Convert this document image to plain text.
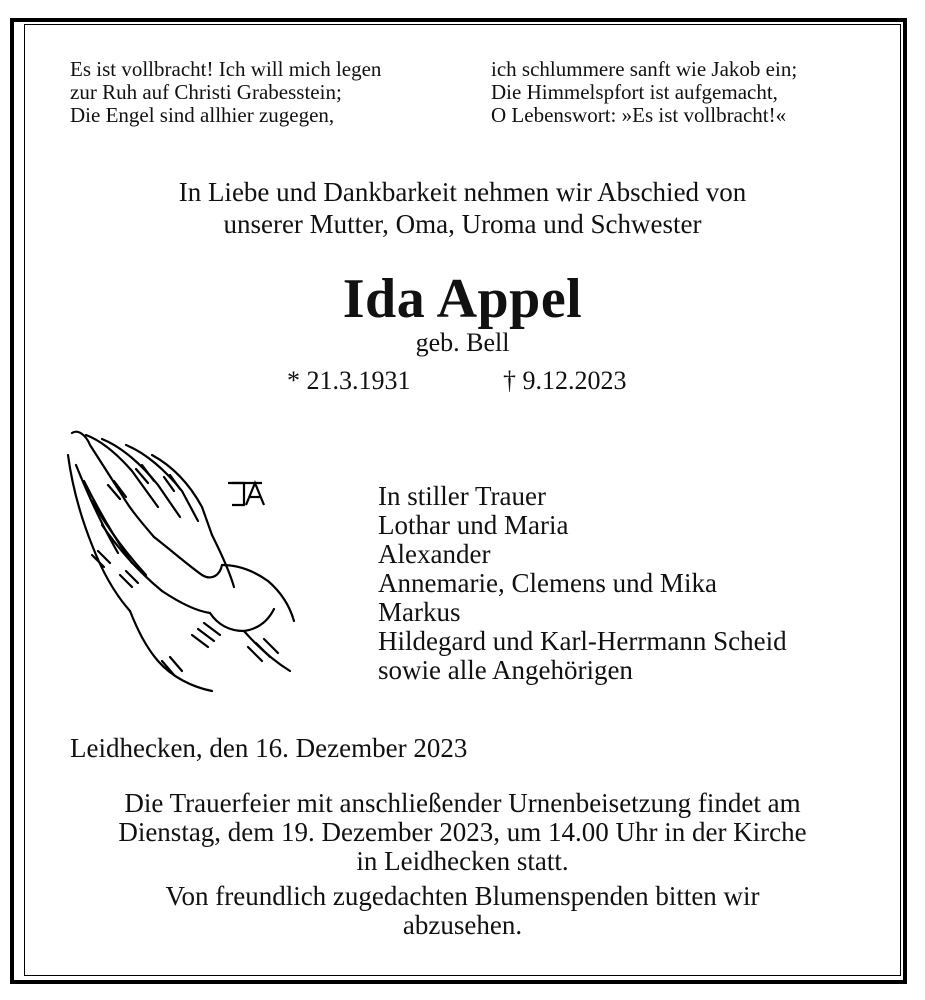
Es ist vollbracht! Ich will mich legen
zur Ruh auf Christi Grabesstein;
Die Engel sind allhier zugegen,
ich schlummere sanft wie Jakob ein;
Die Himmelspfort ist aufgemacht,
O Lebenswort: »Es ist vollbracht!«
In Liebe und Dankbarkeit nehmen wir Abschied von
unserer Mutter, Oma, Uroma und Schwester
Ida Appel
geb. Bell
* 21.3.1931	† 9.12.2023
In stiller Trauer
Lothar und Maria
Alexander
Annemarie, Clemens und Mika
Markus
Hildegard und Karl-Herrmann Scheid
sowie alle Angehörigen
Leidhecken, den 16. Dezember 2023
Die Trauerfeier mit anschließender Urnenbeisetzung findet am
Dienstag, dem 19. Dezember 2023, um 14.00 Uhr in der Kirche
in Leidhecken statt.
Von freundlich zugedachten Blumenspenden bitten wir
abzusehen.
